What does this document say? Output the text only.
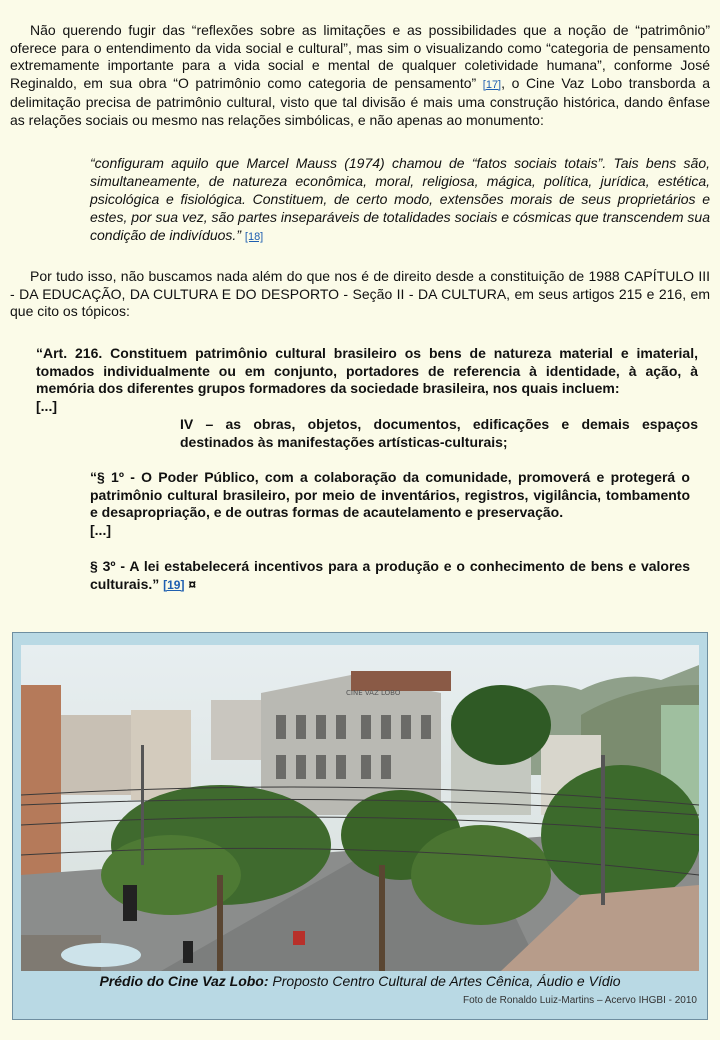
Não querendo fugir das “reflexões sobre as limitações e as possibilidades que a noção de “patrimônio” oferece para o entendimento da vida social e cultural”, mas sim o visualizando como “categoria de pensamento extremamente importante para a vida social e mental de qualquer coletividade humana”, conforme José Reginaldo, em sua obra “O patrimônio como categoria de pensamento” [17], o Cine Vaz Lobo transborda a delimitação precisa de patrimônio cultural, visto que tal divisão é mais uma construção histórica, dando ênfase as relações sociais ou mesmo nas relações simbólicas, e não apenas ao monumento:
“configuram aquilo que Marcel Mauss (1974) chamou de “fatos sociais totais”. Tais bens são, simultaneamente, de natureza econômica, moral, religiosa, mágica, política, jurídica, estética, psicológica e fisiológica. Constituem, de certo modo, extensões morais de seus proprietários e estes, por sua vez, são partes inseparáveis de totalidades sociais e cósmicas que transcendem sua condição de indivíduos.” [18]
Por tudo isso, não buscamos nada além do que nos é de direito desde a constituição de 1988 CAPÍTULO III - DA EDUCAÇÃO, DA CULTURA E DO DESPORTO - Seção II - DA CULTURA, em seus artigos 215 e 216, em que cito os tópicos:
“Art. 216. Constituem patrimônio cultural brasileiro os bens de natureza material e imaterial, tomados individualmente ou em conjunto, portadores de referencia à identidade, à ação, à memória dos diferentes grupos formadores da sociedade brasileira, nos quais incluem:
[...]
IV – as obras, objetos, documentos, edificações e demais espaços destinados às manifestações artísticas-culturais;
“§ 1º - O Poder Público, com a colaboração da comunidade, promoverá e protegerá o patrimônio cultural brasileiro, por meio de inventários, registros, vigilância, tombamento e desapropriação, e de outras formas de acautelamento e preservação.
[...]
§ 3º - A lei estabelecerá incentivos para a produção e o conhecimento de bens e valores culturais.” [19] ¤
CINE VAZ LOBO
Prédio do Cine Vaz Lobo: Proposto Centro Cultural de Artes Cênica, Áudio e Vídio
Foto de Ronaldo Luiz-Martins – Acervo IHGBI - 2010
